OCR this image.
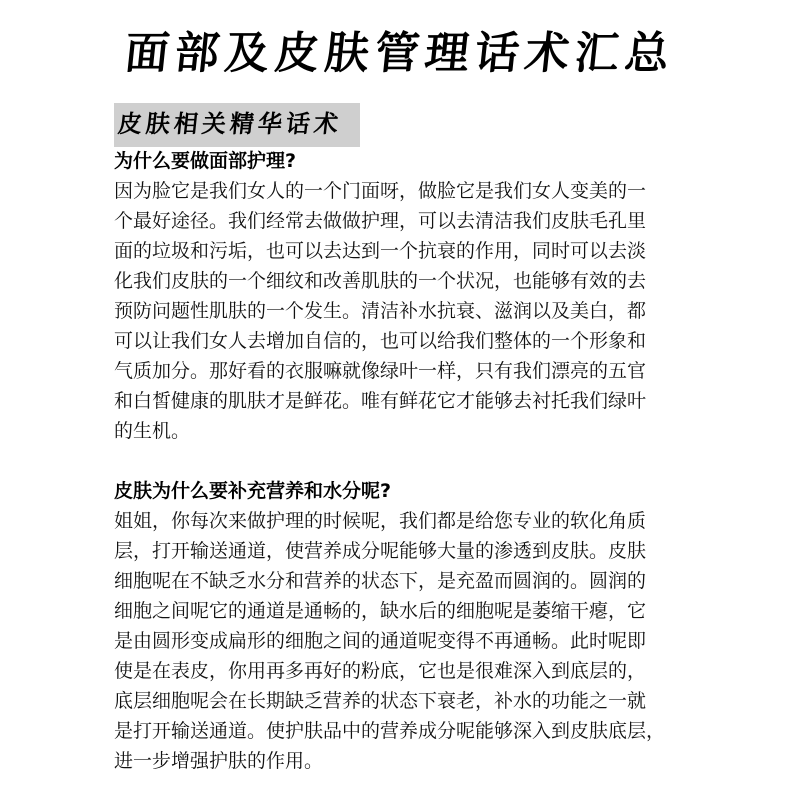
面部及皮肤管理话术汇总
皮肤相关精华话术

为什么要做面部护理?

因为脸它是我们女人的一个门面呀，做脸它是我们女人变美的一
个最好途径。我们经常去做做护理，可以去清洁我们皮肤毛孔里
面的垃圾和污垢，也可以去达到一个抗衰的作用，同时可以去淡
化我们皮肤的一个细纹和改善肌肤的一个状况，也能够有效的去
预防问题性肌肤的一个发生。清洁补水抗衰、滋润以及美白，都
可以让我们女人去增加自信的，也可以给我们整体的一个形象和
气质加分。那好看的衣服嘛就像绿叶一样，只有我们漂亮的五官
和白皙健康的肌肤才是鲜花。唯有鲜花它才能够去衬托我们绿叶
的生机。

皮肤为什么要补充营养和水分呢?

姐姐，你每次来做护理的时候呢，我们都是给您专业的软化角质
层，打开输送通道，使营养成分呢能够大量的渗透到皮肤。皮肤
细胞呢在不缺乏水分和营养的状态下，是充盈而圆润的。圆润的
细胞之间呢它的通道是通畅的，缺水后的细胞呢是萎缩干瘪，它
是由圆形变成扁形的细胞之间的通道呢变得不再通畅。此时呢即
使是在表皮，你用再多再好的粉底，它也是很难深入到底层的，
底层细胞呢会在长期缺乏营养的状态下衰老，补水的功能之一就
是打开输送通道。使护肤品中的营养成分呢能够深入到皮肤底层，
进一步增强护肤的作用。
